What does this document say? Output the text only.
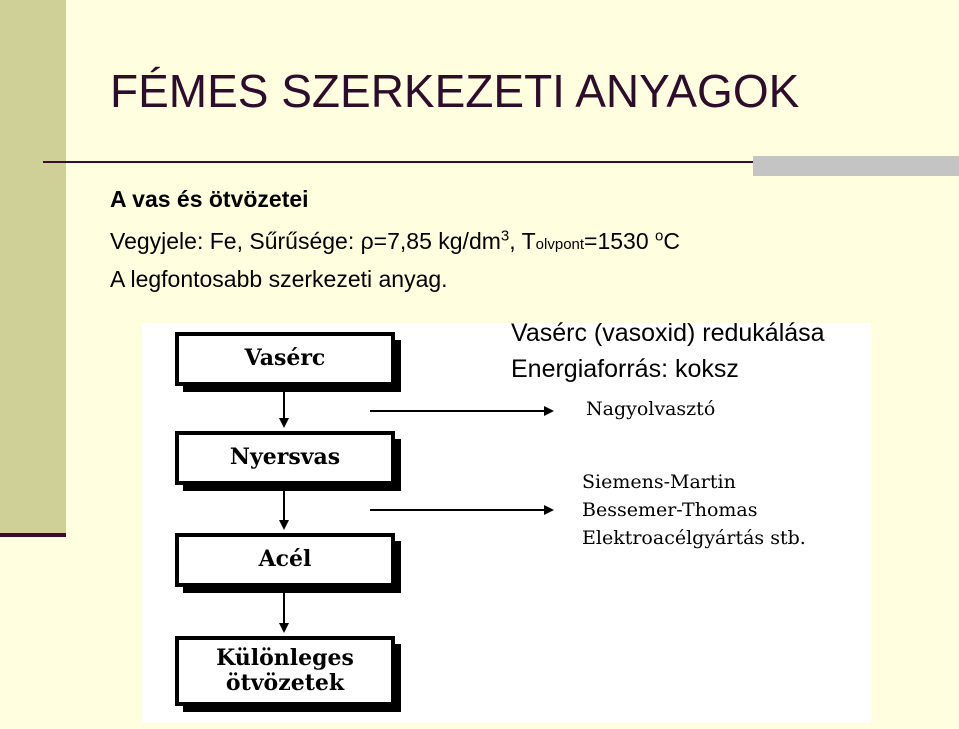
FÉMES SZERKEZETI ANYAGOK
A vas és ötvözetei
Vegyjele: Fe, Sűrűsége: ρ=7,85 $kg/dm^3$, Tolvpont=1530 $^o$C
A legfontosabb szerkezeti anyag.
Vasérc
Nyersvas
Acél
Különleges
ötvözetek
Nagyolvasztó
Siemens-Martin
Bessemer-Thomas
Elektroacélgyártás stb.
Vasérc (vasoxid) redukálása
Energiaforrás: koksz
